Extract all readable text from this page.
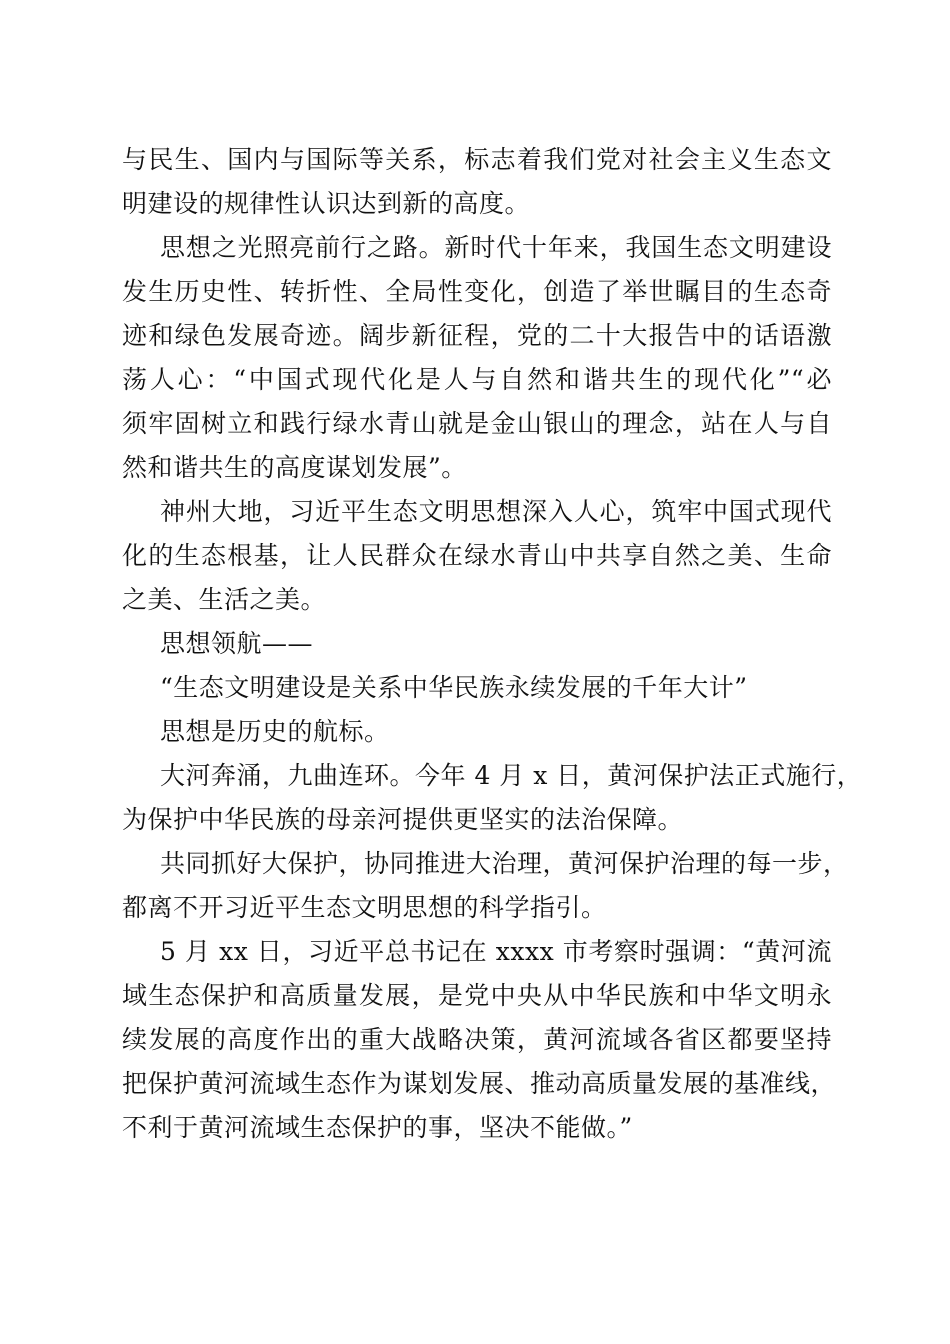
与民生、国内与国际等关系，标志着我们党对社会主义生态文
明建设的规律性认识达到新的高度。
思想之光照亮前行之路。新时代十年来，我国生态文明建设
发生历史性、转折性、全局性变化，创造了举世瞩目的生态奇
迹和绿色发展奇迹。阔步新征程，党的二十大报告中的话语激
荡人心：“中国式现代化是人与自然和谐共生的现代化”“必
须牢固树立和践行绿水青山就是金山银山的理念，站在人与自
然和谐共生的高度谋划发展”。
神州大地，习近平生态文明思想深入人心，筑牢中国式现代
化的生态根基，让人民群众在绿水青山中共享自然之美、生命
之美、生活之美。
思想领航——
“生态文明建设是关系中华民族永续发展的千年大计”
思想是历史的航标。
大河奔涌，九曲连环。今年 4 月 x 日，黄河保护法正式施行，
为保护中华民族的母亲河提供更坚实的法治保障。
共同抓好大保护，协同推进大治理，黄河保护治理的每一步，
都离不开习近平生态文明思想的科学指引。
5 月 xx 日，习近平总书记在 xxxx 市考察时强调：“黄河流
域生态保护和高质量发展，是党中央从中华民族和中华文明永
续发展的高度作出的重大战略决策，黄河流域各省区都要坚持
把保护黄河流域生态作为谋划发展、推动高质量发展的基准线，
不利于黄河流域生态保护的事，坚决不能做。”
